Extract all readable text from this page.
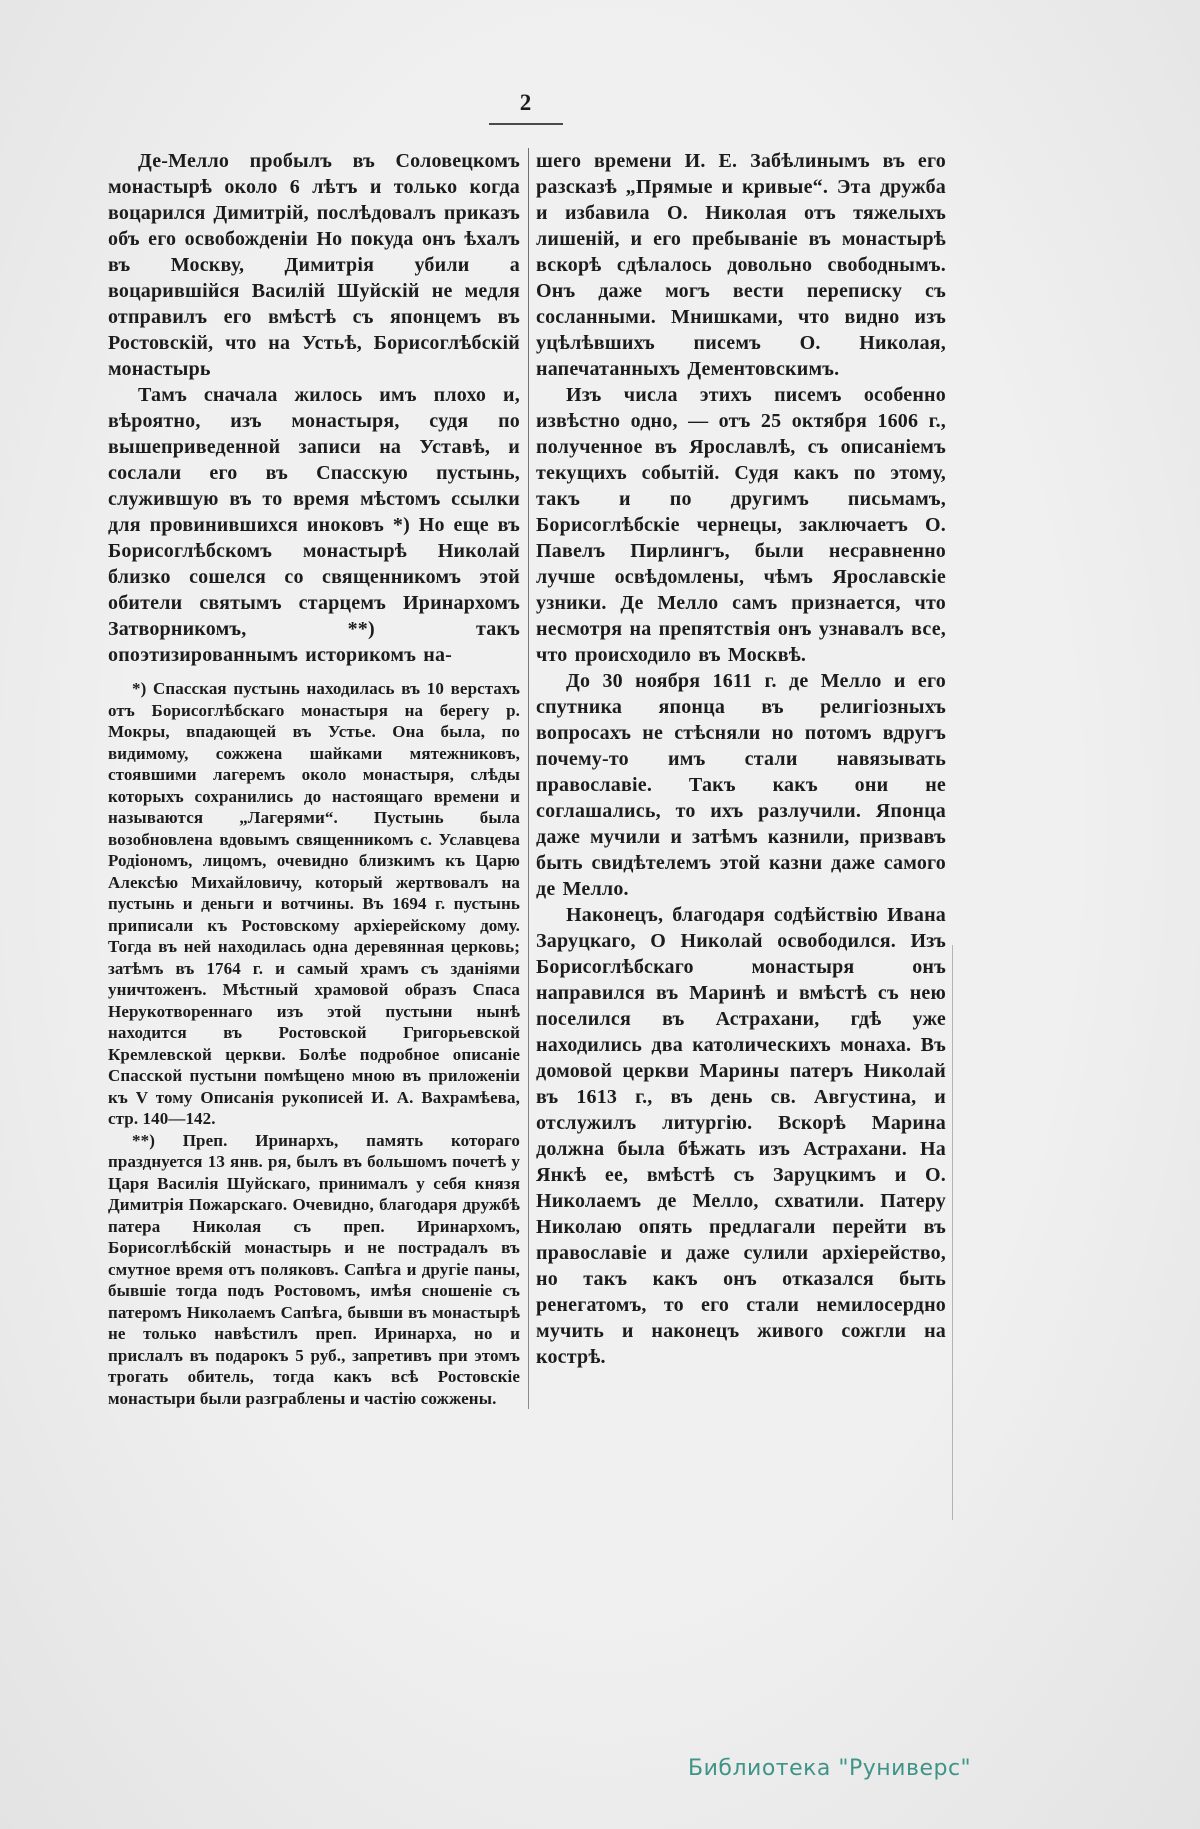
2

Де-Мелло пробылъ въ Соловецкомъ монастырѣ около 6 лѣтъ и только когда воцарился Димитрій, послѣдовалъ приказъ объ его освобожденіи Но покуда онъ ѣхалъ въ Москву, Димитрія убили а воцарившійся Василій Шуйскій не медля отправилъ его вмѣстѣ съ японцемъ въ Ростовскій, что на Устьѣ, Борисоглѣбскій монастырь

Тамъ сначала жилось имъ плохо и, вѣроятно, изъ монастыря, судя по вышеприведенной записи на Уставѣ, и сослали его въ Спасскую пустынь, служившую въ то время мѣстомъ ссылки для провинившихся иноковъ *) Но еще въ Борисоглѣбскомъ монастырѣ Николай близко сошелся со священникомъ этой обители святымъ старцемъ Иринархомъ Затворникомъ, **) такъ опоэтизированнымъ историкомъ на-

*) Спасская пустынь находилась въ 10 верстахъ отъ Борисоглѣбскаго монастыря на берегу р. Мокры, впадающей въ Устье. Она была, по видимому, сожжена шайками мятежниковъ, стоявшими лагеремъ около монастыря, слѣды которыхъ сохранились до настоящаго времени и называются „Лагерями“. Пустынь была возобновлена вдовымъ священникомъ с. Уславцева Родіономъ, лицомъ, очевидно близкимъ къ Царю Алексѣю Михайловичу, который жертвовалъ на пустынь и деньги и вотчины. Въ 1694 г. пустынь приписали къ Ростовскому архіерейскому дому. Тогда въ ней находилась одна деревянная церковь; затѣмъ въ 1764 г. и самый храмъ съ зданіями уничтоженъ. Мѣстный храмовой образъ Спаса Нерукотвореннаго изъ этой пустыни нынѣ находится въ Ростовской Григорьевской Кремлевской церкви. Болѣе подробное описаніе Спасской пустыни помѣщено мною въ приложеніи къ V тому Описанія рукописей И. А. Вахрамѣева, стр. 140—142.

**) Преп. Иринархъ, память котораго празднуется 13 янв. ря, былъ въ большомъ почетѣ у Царя Василія Шуйскаго, принималъ у себя князя Димитрія Пожарскаго. Очевидно, благодаря дружбѣ патера Николая съ преп. Иринархомъ, Борисоглѣбскій монастырь и не пострадалъ въ смутное время отъ поляковъ. Сапѣга и другіе паны, бывшіе тогда подъ Ростовомъ, имѣя сношеніе съ патеромъ Николаемъ Сапѣга, бывши въ монастырѣ не только навѣстилъ преп. Иринарха, но и прислалъ въ подарокъ 5 руб., запретивъ при этомъ трогать обитель, тогда какъ всѣ Ростовскіе монастыри были разграблены и частію сожжены.

шего времени И. Е. Забѣлинымъ въ его разсказѣ „Прямые и кривые“. Эта дружба и избавила О. Николая отъ тяжелыхъ лишеній, и его пребываніе въ монастырѣ вскорѣ сдѣлалось довольно свободнымъ. Онъ даже могъ вести переписку съ сосланными. Мнишками, что видно изъ уцѣлѣвшихъ писемъ О. Николая, напечатанныхъ Дементовскимъ.

Изъ числа этихъ писемъ особенно извѣстно одно, — отъ 25 октября 1606 г., полученное въ Ярославлѣ, съ описаніемъ текущихъ событій. Судя какъ по этому, такъ и по другимъ письмамъ, Борисоглѣбскіе чернецы, заключаетъ О. Павелъ Пирлингъ, были несравненно лучше освѣдомлены, чѣмъ Ярославскіе узники. Де Мелло самъ признается, что несмотря на препятствія онъ узнавалъ все, что происходило въ Москвѣ.

До 30 ноября 1611 г. де Мелло и его спутника японца въ религіозныхъ вопросахъ не стѣсняли но потомъ вдругъ почему-то имъ стали навязывать православіе. Такъ какъ они не соглашались, то ихъ разлучили. Японца даже мучили и затѣмъ казнили, призвавъ быть свидѣтелемъ этой казни даже самого де Мелло.

Наконецъ, благодаря содѣйствію Ивана Заруцкаго, О Николай освободился. Изъ Борисоглѣбскаго монастыря онъ направился въ Маринѣ и вмѣстѣ съ нею поселился въ Астрахани, гдѣ уже находились два католическихъ монаха. Въ домовой церкви Марины патеръ Николай въ 1613 г., въ день св. Августина, и отслужилъ литургію. Вскорѣ Марина должна была бѣжать изъ Астрахани. На Янкѣ ее, вмѣстѣ съ Заруцкимъ и О. Николаемъ де Мелло, схватили. Патеру Николаю опять предлагали перейти въ православіе и даже сулили архіерейство, но такъ какъ онъ отказался быть ренегатомъ, то его стали немилосердно мучить и наконецъ живого сожгли на кострѣ.

Библиотека "Руниверс"
